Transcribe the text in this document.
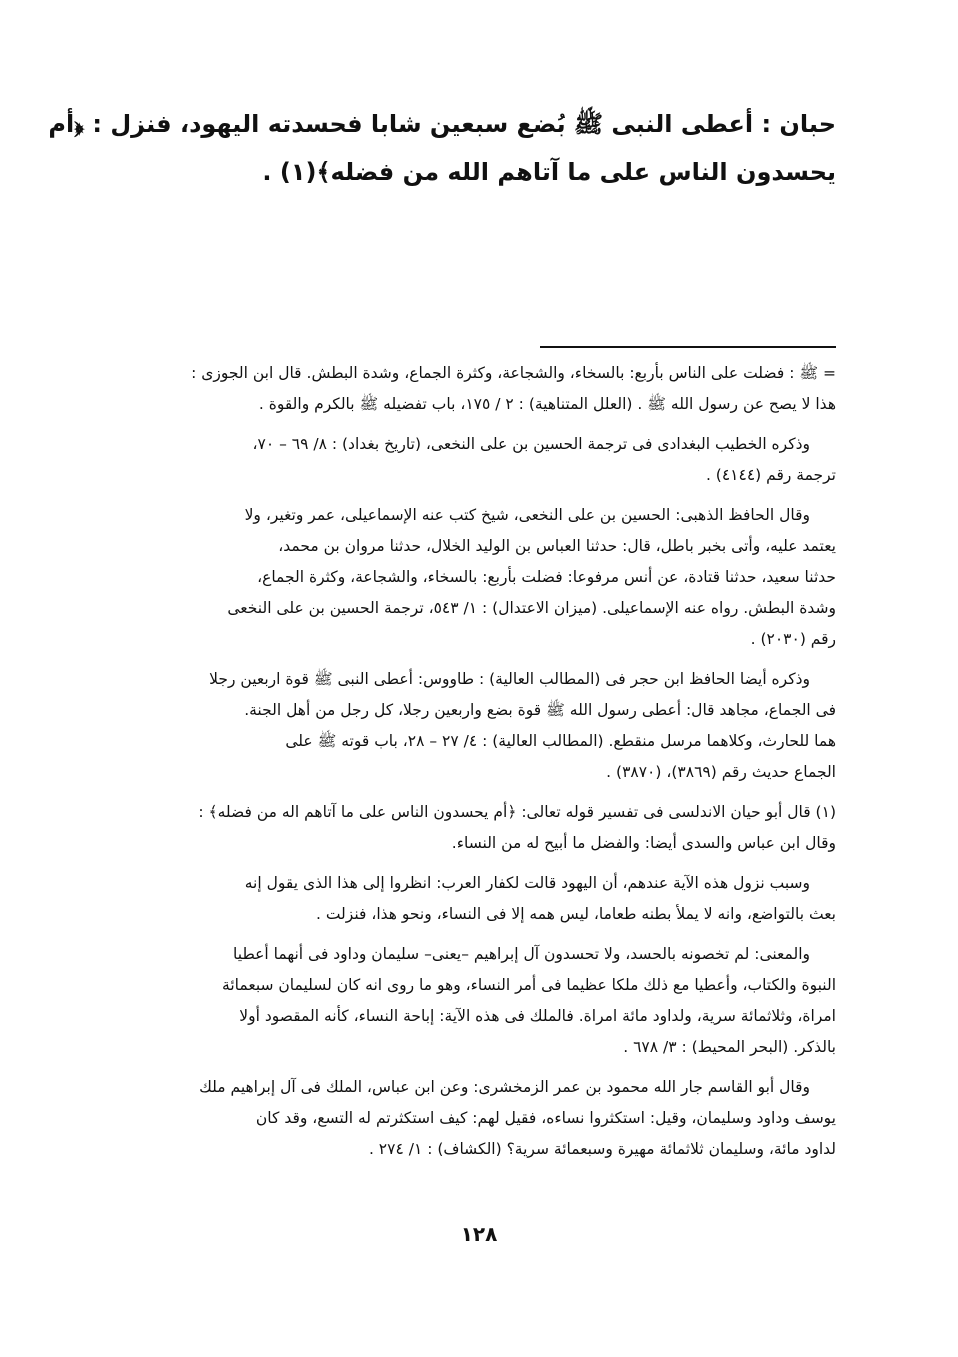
حبان : أعطى النبى ﷺ بُضع سبعين شابا فحسدته اليهود، فنزل : ﴿أم
يحسدون الناس على ما آتاهم الله من فضله﴾(١) .
= ﷺ : فضلت على الناس بأربع: بالسخاء، والشجاعة، وكثرة الجماع، وشدة البطش. قال ابن الجوزى :
هذا لا يصح عن رسول الله ﷺ . (العلل المتناهية) : ٢ / ١٧٥، باب تفضيله ﷺ بالكرم والقوة .
وذكره الخطيب البغدادى فى ترجمة الحسين بن على النخعى، (تاريخ بغداد) : ٨/ ٦٩ – ٧٠،
ترجمة رقم (٤١٤٤) .
وقال الحافظ الذهبى: الحسين بن على النخعى، شيخ كتب عنه الإسماعيلى، عمر وتغير، ولا
يعتمد عليه، وأتى بخبر باطل، قال: حدثنا العباس بن الوليد الخلال، حدثنا مروان بن محمد،
حدثنا سعيد، حدثنا قتادة، عن أنس مرفوعا: فضلت بأربع: بالسخاء، والشجاعة، وكثرة الجماع،
وشدة البطش. رواه عنه الإسماعيلى. (ميزان الاعتدال) : ١/ ٥٤٣، ترجمة الحسين بن على النخعى
رقم (٢٠٣٠) .
وذكره أيضا الحافظ ابن حجر فى (المطالب العالية) : طاووس: أعطى النبى ﷺ قوة اربعين رجلا
فى الجماع، مجاهد قال: أعطى رسول الله ﷺ قوة بضع واربعين رجلا، كل رجل من أهل الجنة.
هما للحارث، وكلاهما مرسل منقطع. (المطالب العالية) : ٤/ ٢٧ – ٢٨، باب قوته ﷺ على
الجماع حديث رقم (٣٨٦٩)، (٣٨٧٠) .
(١) قال أبو حيان الاندلسى فى تفسير قوله تعالى: ﴿أم يحسدون الناس على ما آتاهم اله من فضله﴾ :
وقال ابن عباس والسدى أيضا: والفضل ما أبيح له من النساء.
وسبب نزول هذه الآية عندهم، أن اليهود قالت لكفار العرب: انظروا إلى هذا الذى يقول إنه
بعث بالتواضع، وانه لا يملأ بطنه طعاما، ليس همه إلا فى النساء، ونحو هذا، فنزلت .
والمعنى: لم تخصونه بالحسد، ولا تحسدون آل إبراهيم –يعنى– سليمان وداود فى أنهما أعطيا
النبوة والكتاب، وأعطيا مع ذلك ملكا عظيما فى أمر النساء، وهو ما روى انه كان لسليمان سبعمائة
امراة، وثلاثمائة سرية، ولداود مائة امراة. فالملك فى هذه الآية: إباحة النساء، كأنه المقصود أولا
بالذكر. (البحر المحيط) : ٣/ ٦٧٨ .
وقال أبو القاسم جار الله محمود بن عمر الزمخشرى: وعن ابن عباس، الملك فى آل إبراهيم ملك
يوسف وداود وسليمان، وقيل: استكثروا نساءه، فقيل لهم: كيف استكثرتم له التسع، وقد كان
لداود مائة، وسليمان ثلاثمائة مهيرة وسبعمائة سرية؟ (الكشاف) : ١/ ٢٧٤ .
١٢٨
